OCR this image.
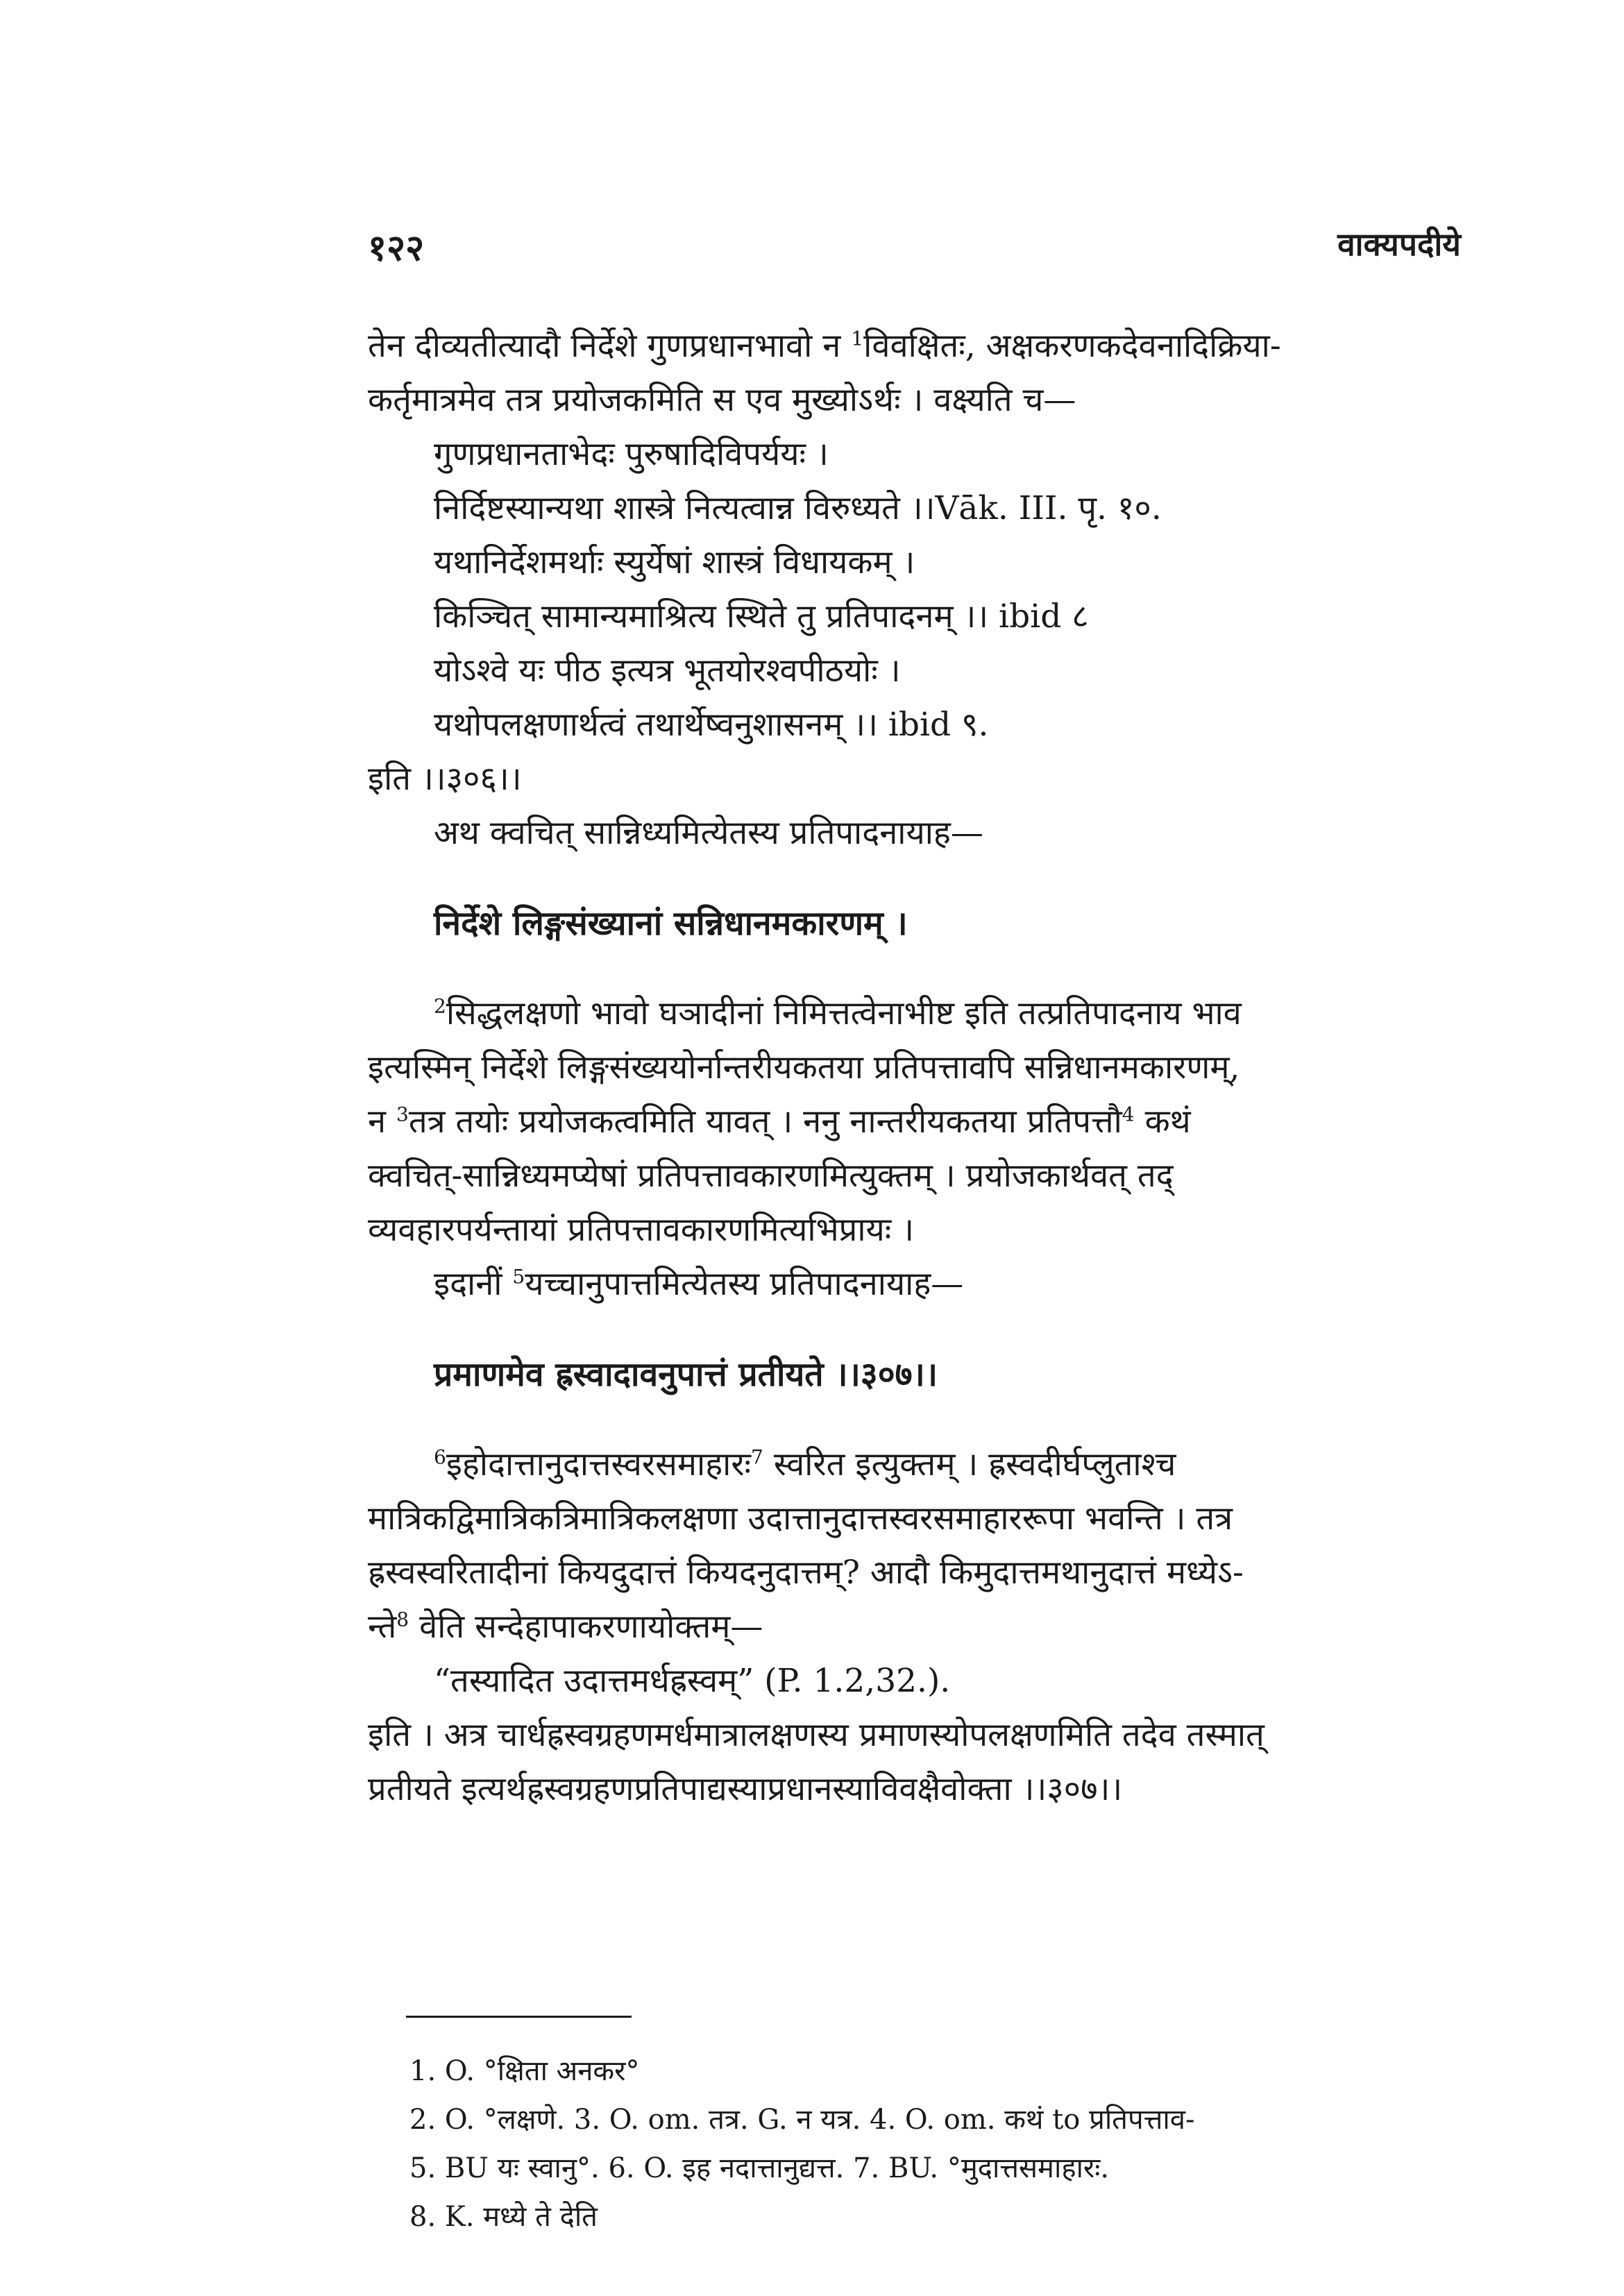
१२२	वाक्यपदीये
तेन दीव्यतीत्यादौ निर्देशे गुणप्रधानभावो न $^1$विवक्षितः, अक्षकरणकदेवनादिक्रिया-
कर्तृमात्रमेव तत्र प्रयोजकमिति स एव मुख्योऽर्थः । वक्ष्यति च—
गुणप्रधानताभेदः पुरुषादिविपर्ययः ।
निर्दिष्टस्यान्यथा शास्त्रे नित्यत्वान्न विरुध्यते ।।Vāk. III. पृ. १०.
यथानिर्देशमर्थाः स्युर्येषां शास्त्रं विधायकम् ।
किञ्चित् सामान्यमाश्रित्य स्थिते तु प्रतिपादनम् ।। ibid ८
योऽश्वे यः पीठ इत्यत्र भूतयोरश्वपीठयोः ।
यथोपलक्षणार्थत्वं तथार्थेष्वनुशासनम् ।। ibid ९.
इति ।।३०६।।
अथ क्वचित् सान्निध्यमित्येतस्य प्रतिपादनायाह—
निर्देशे लिङ्गसंख्यानां सन्निधानमकारणम् ।
$^2$सिद्धलक्षणो भावो घञादीनां निमित्तत्वेनाभीष्ट इति तत्प्रतिपादनाय भाव
इत्यस्मिन् निर्देशे लिङ्गसंख्ययोर्नान्तरीयकतया प्रतिपत्तावपि सन्निधानमकारणम्,
न $^3$तत्र तयोः प्रयोजकत्वमिति यावत् । ननु नान्तरीयकतया प्रतिपत्तौ$^4$ कथं
क्वचित्-सान्निध्यमप्येषां प्रतिपत्तावकारणमित्युक्तम् । प्रयोजकार्थवत् तद्
व्यवहारपर्यन्तायां प्रतिपत्तावकारणमित्यभिप्रायः ।
इदानीं $^5$यच्चानुपात्तमित्येतस्य प्रतिपादनायाह—
प्रमाणमेव ह्रस्वादावनुपात्तं प्रतीयते ।।३०७।।
$^6$इहोदात्तानुदात्तस्वरसमाहारः$^7$ स्वरित इत्युक्तम् । ह्रस्वदीर्घप्लुताश्च
मात्रिकद्विमात्रिकत्रिमात्रिकलक्षणा उदात्तानुदात्तस्वरसमाहाररूपा भवन्ति । तत्र
ह्रस्वस्वरितादीनां कियदुदात्तं कियदनुदात्तम्? आदौ किमुदात्तमथानुदात्तं मध्येऽ-
न्ते$^8$ वेति सन्देहापाकरणायोक्तम्—
“तस्यादित उदात्तमर्धह्रस्वम्” (P. 1.2,32.).
इति । अत्र चार्धह्रस्वग्रहणमर्धमात्रालक्षणस्य प्रमाणस्योपलक्षणमिति तदेव तस्मात्
प्रतीयते इत्यर्थह्रस्वग्रहणप्रतिपाद्यस्याप्रधानस्याविवक्षैवोक्ता ।।३०७।।
1. O. °क्षिता अनकर°
2. O. °लक्षणे. 3. O. om. तत्र. G. न यत्र. 4. O. om. कथं to प्रतिपत्ताव-
5. BU यः स्वानु°. 6. O. इह नदात्तानुद्यत्त. 7. BU. °मुदात्तसमाहारः.
8. K. मध्ये ते देति
